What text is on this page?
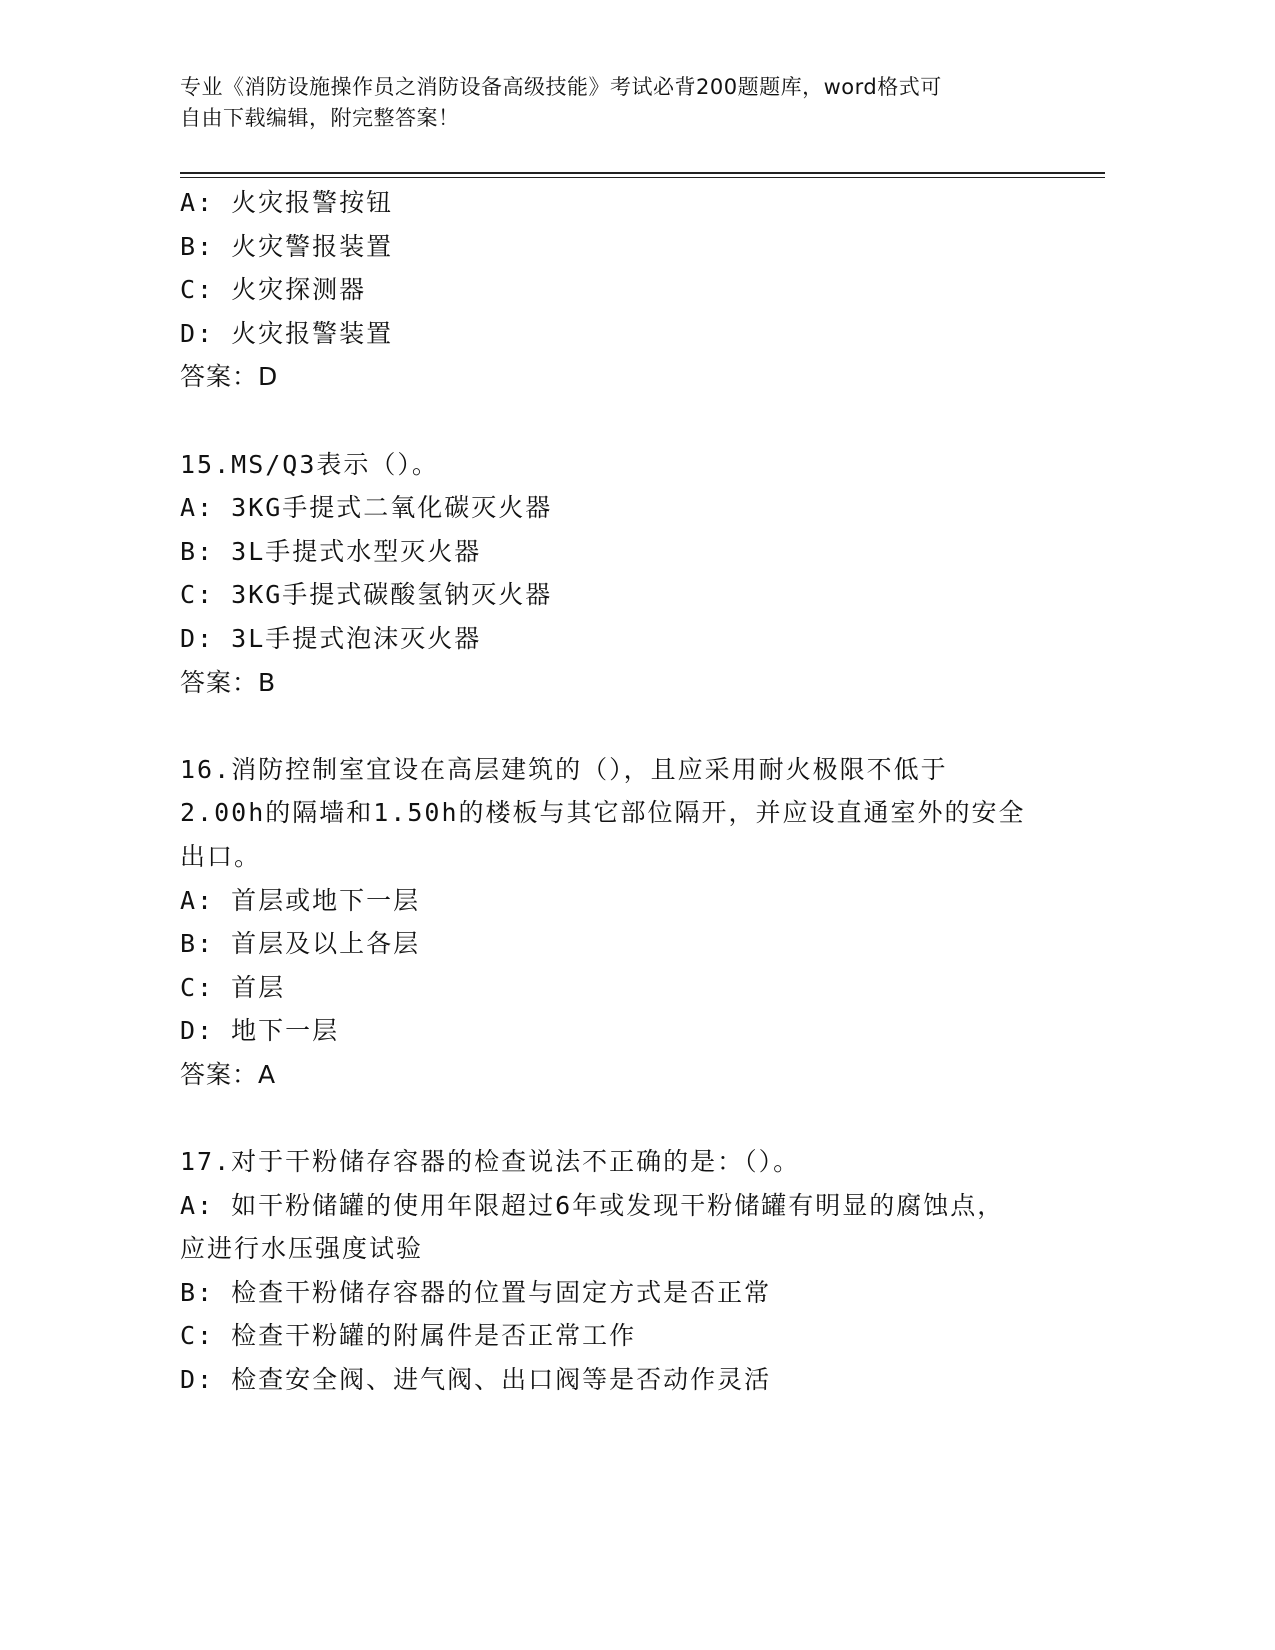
专业《消防设施操作员之消防设备高级技能》考试必背200题题库，word格式可
自由下载编辑，附完整答案！
A: 火灾报警按钮
B: 火灾警报装置
C: 火灾探测器
D: 火灾报警装置
答案：D
15.MS/Q3表示（）。
A: 3KG手提式二氧化碳灭火器
B: 3L手提式水型灭火器
C: 3KG手提式碳酸氢钠灭火器
D: 3L手提式泡沫灭火器
答案：B
16.消防控制室宜设在高层建筑的（），且应采用耐火极限不低于
2.00h的隔墙和1.50h的楼板与其它部位隔开，并应设直通室外的安全
出口。
A: 首层或地下一层
B: 首层及以上各层
C: 首层
D: 地下一层
答案：A
17.对于干粉储存容器的检查说法不正确的是：（）。
A: 如干粉储罐的使用年限超过6年或发现干粉储罐有明显的腐蚀点，
应进行水压强度试验
B: 检查干粉储存容器的位置与固定方式是否正常
C: 检查干粉罐的附属件是否正常工作
D: 检查安全阀、进气阀、出口阀等是否动作灵活
